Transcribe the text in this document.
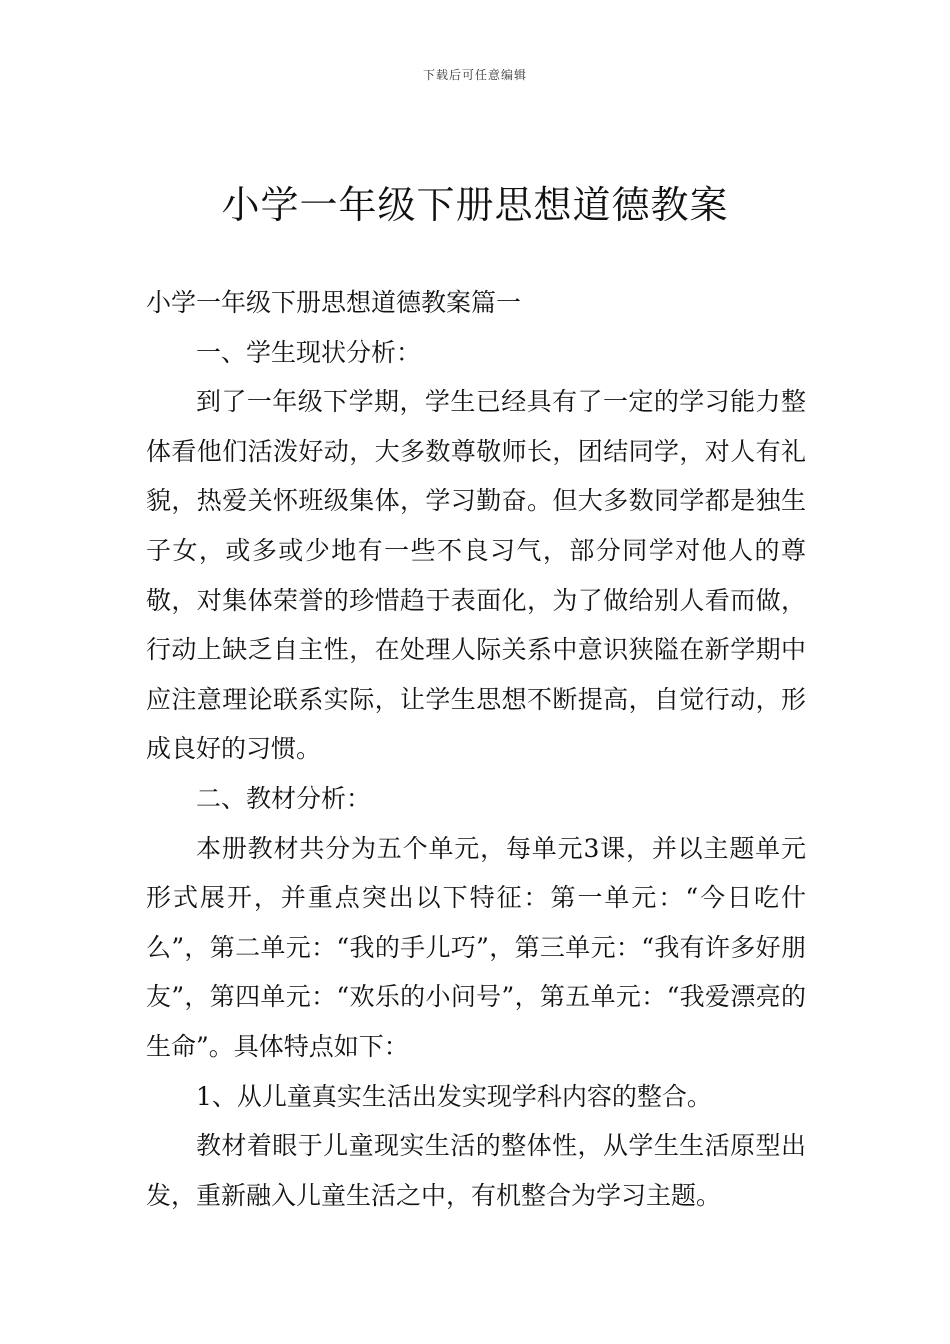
下载后可任意编辑
小学一年级下册思想道德教案

小学一年级下册思想道德教案篇一

一、学生现状分析：

到了一年级下学期，学生已经具有了一定的学习能力整体看他们活泼好动，大多数尊敬师长，团结同学，对人有礼貌，热爱关怀班级集体，学习勤奋。但大多数同学都是独生子女，或多或少地有一些不良习气，部分同学对他人的尊敬，对集体荣誉的珍惜趋于表面化，为了做给别人看而做，行动上缺乏自主性，在处理人际关系中意识狭隘在新学期中应注意理论联系实际，让学生思想不断提高，自觉行动，形成良好的习惯。

二、教材分析：

本册教材共分为五个单元，每单元3课，并以主题单元形式展开，并重点突出以下特征：第一单元：“今日吃什么”，第二单元：“我的手儿巧”，第三单元：“我有许多好朋友”，第四单元：“欢乐的小问号”，第五单元：“我爱漂亮的生命”。具体特点如下：

1、从儿童真实生活出发实现学科内容的整合。

教材着眼于儿童现实生活的整体性，从学生生活原型出发，重新融入儿童生活之中，有机整合为学习主题。
